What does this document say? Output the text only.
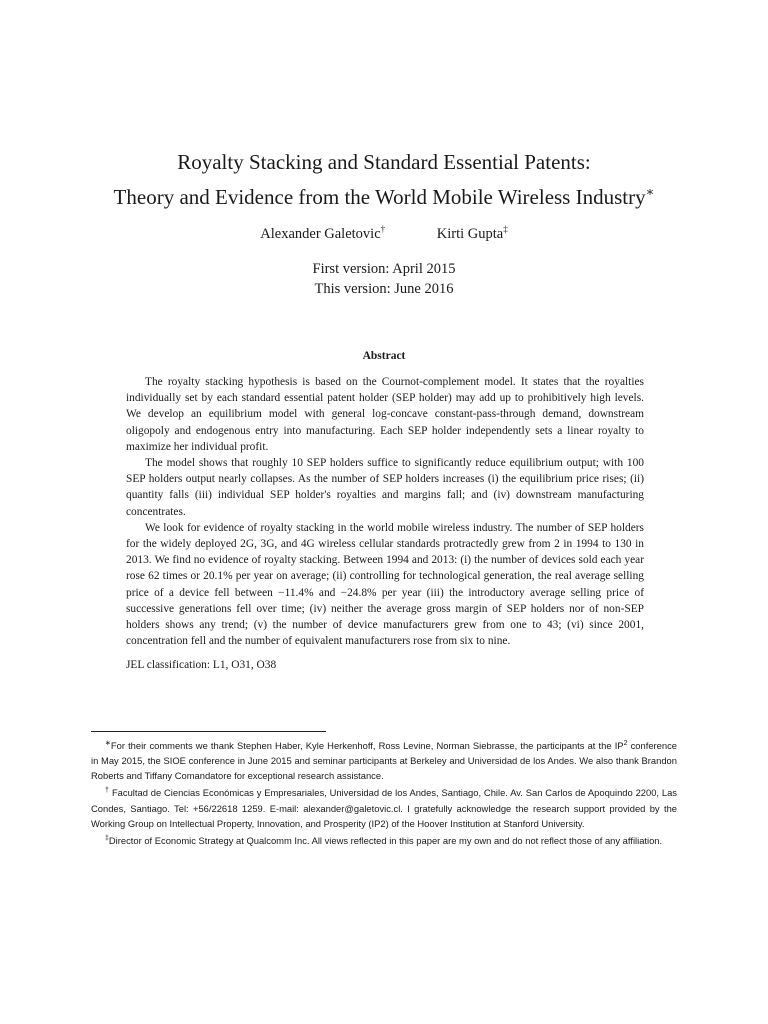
Royalty Stacking and Standard Essential Patents:
Theory and Evidence from the World Mobile Wireless Industry∗
Alexander Galetovic†	Kirti Gupta‡
First version: April 2015
This version: June 2016
Abstract

The royalty stacking hypothesis is based on the Cournot-complement model. It states that the royalties individually set by each standard essential patent holder (SEP holder) may add up to prohibitively high levels. We develop an equilibrium model with general log-concave constant-pass-through demand, downstream oligopoly and endogenous entry into manufacturing. Each SEP holder independently sets a linear royalty to maximize her individual profit.

The model shows that roughly 10 SEP holders suffice to significantly reduce equilibrium output; with 100 SEP holders output nearly collapses. As the number of SEP holders increases (i) the equilibrium price rises; (ii) quantity falls (iii) individual SEP holder's royalties and margins fall; and (iv) downstream manufacturing concentrates.

We look for evidence of royalty stacking in the world mobile wireless industry. The number of SEP holders for the widely deployed 2G, 3G, and 4G wireless cellular standards protractedly grew from 2 in 1994 to 130 in 2013. We find no evidence of royalty stacking. Between 1994 and 2013: (i) the number of devices sold each year rose 62 times or 20.1% per year on average; (ii) controlling for technological generation, the real average selling price of a device fell between −11.4% and −24.8% per year (iii) the introductory average selling price of successive generations fell over time; (iv) neither the average gross margin of SEP holders nor of non-SEP holders shows any trend; (v) the number of device manufacturers grew from one to 43; (vi) since 2001, concentration fell and the number of equivalent manufacturers rose from six to nine.

JEL classification: L1, O31, O38

∗For their comments we thank Stephen Haber, Kyle Herkenhoff, Ross Levine, Norman Siebrasse, the participants at the $IP^2$ conference in May 2015, the SIOE conference in June 2015 and seminar participants at Berkeley and Universidad de los Andes. We also thank Brandon Roberts and Tiffany Comandatore for exceptional research assistance.

† Facultad de Ciencias Económicas y Empresariales, Universidad de los Andes, Santiago, Chile. Av. San Carlos de Apoquindo 2200, Las Condes, Santiago. Tel: +56/22618 1259. E-mail: alexander@galetovic.cl. I gratefully acknowledge the research support provided by the Working Group on Intellectual Property, Innovation, and Prosperity (IP2) of the Hoover Institution at Stanford University.

‡Director of Economic Strategy at Qualcomm Inc. All views reflected in this paper are my own and do not reflect those of any affiliation.
